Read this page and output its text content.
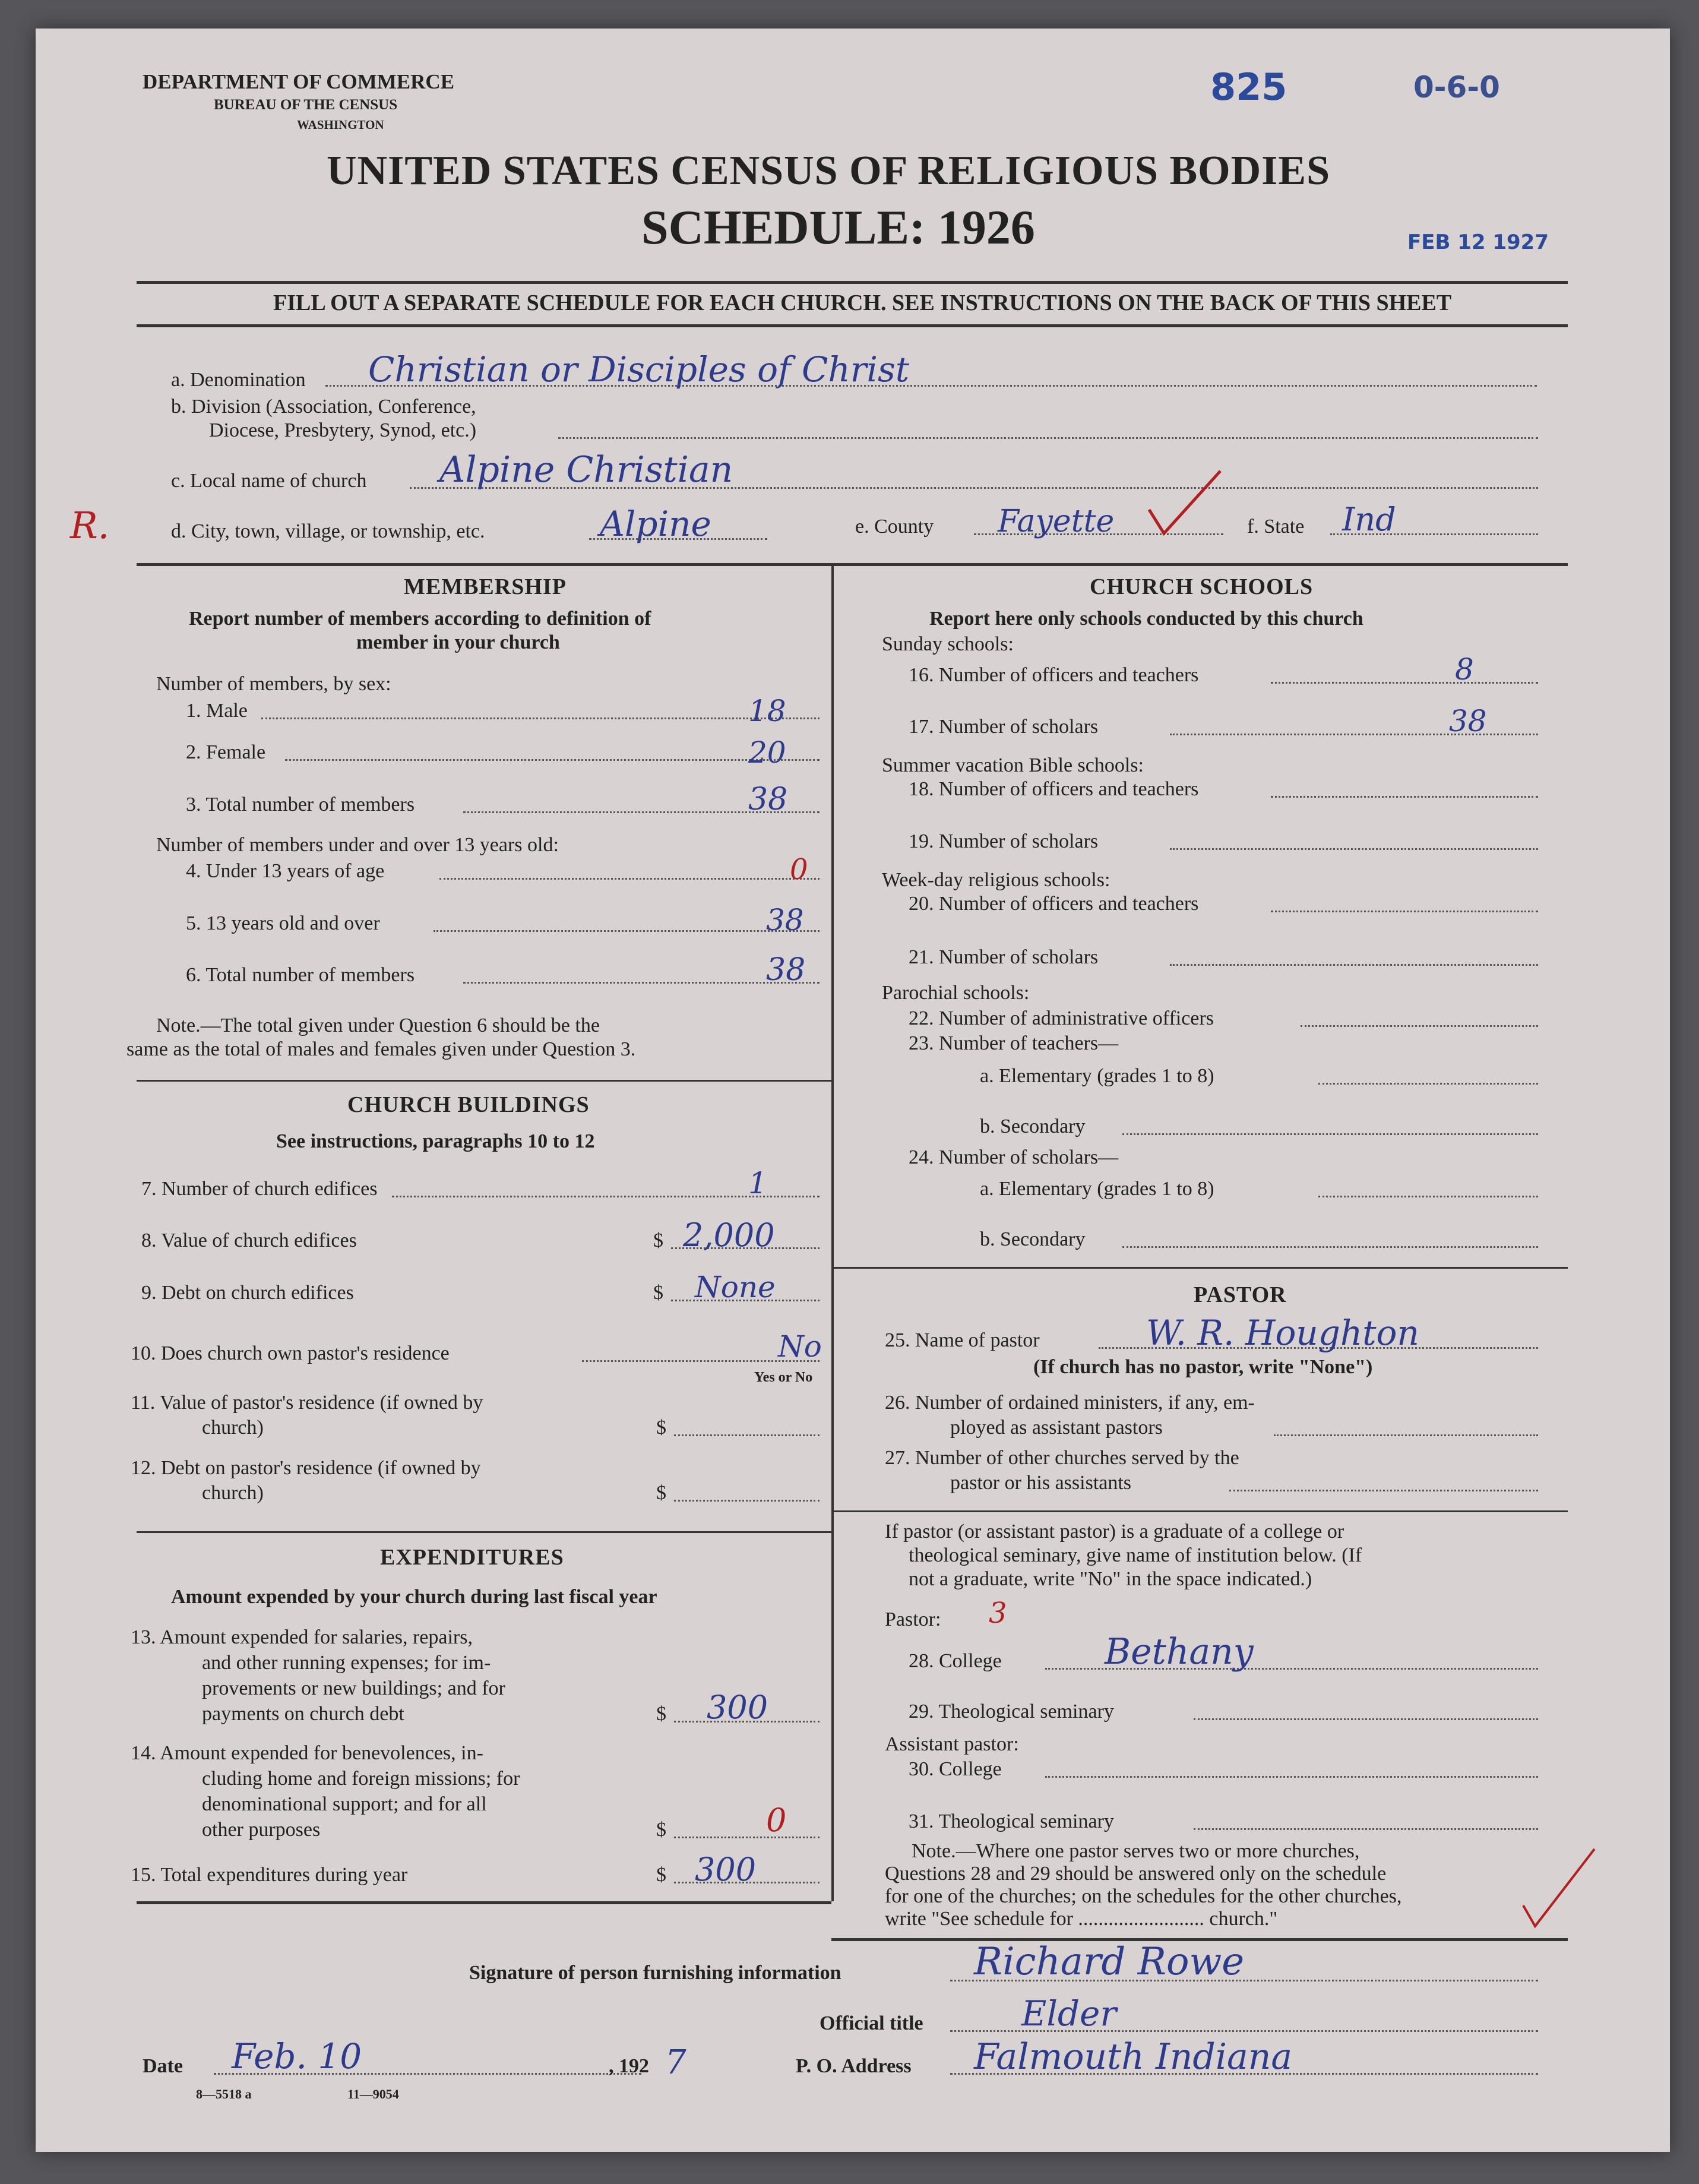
DEPARTMENT OF COMMERCE
BUREAU OF THE CENSUS
WASHINGTON
825	0-6-0
UNITED STATES CENSUS OF RELIGIOUS BODIES
SCHEDULE: 1926	FEB 12 1927
FILL OUT A SEPARATE SCHEDULE FOR EACH CHURCH. SEE INSTRUCTIONS ON THE BACK OF THIS SHEET
a. Denomination Christian or Disciples of Christ
b. Division (Association, Conference,
Diocese, Presbytery, Synod, etc.)
c. Local name of church Alpine Christian
R.	d. City, town, village, or township, etc.	Alpine	e. County Fayette	f. State Ind
MEMBERSHIP
Report number of members according to definition of
member in your church
Number of members, by sex:
1. Male	18
2. Female	20
3. Total number of members	38
Number of members under and over 13 years old:
4. Under 13 years of age	0
5. 13 years old and over	38
6. Total number of members	38
Note.—The total given under Question 6 should be the
same as the total of males and females given under Question 3.
CHURCH BUILDINGS
See instructions, paragraphs 10 to 12
7. Number of church edifices	1
8. Value of church edifices	$ 2,000
9. Debt on church edifices	$ None
10. Does church own pastor's residence	No
Yes or No
11. Value of pastor's residence (if owned by
church)	$
12. Debt on pastor's residence (if owned by
church)	$
EXPENDITURES
Amount expended by your church during last fiscal year
13. Amount expended for salaries, repairs,
and other running expenses; for im-
provements or new buildings; and for
payments on church debt	$ 300
14. Amount expended for benevolences, in-
cluding home and foreign missions; for
denominational support; and for all
other purposes	$	0
15. Total expenditures during year	$ 300
CHURCH SCHOOLS
Report here only schools conducted by this church
Sunday schools:
16. Number of officers and teachers	8
17. Number of scholars	38
Summer vacation Bible schools:
18. Number of officers and teachers
19. Number of scholars
Week-day religious schools:
20. Number of officers and teachers
21. Number of scholars
Parochial schools:
22. Number of administrative officers
23. Number of teachers—
a. Elementary (grades 1 to 8)
b. Secondary
24. Number of scholars—
a. Elementary (grades 1 to 8)
b. Secondary
PASTOR
25. Name of pastor	W. R. Houghton
(If church has no pastor, write "None")
26. Number of ordained ministers, if any, em-
ployed as assistant pastors
27. Number of other churches served by the
pastor or his assistants
If pastor (or assistant pastor) is a graduate of a college or
theological seminary, give name of institution below. (If
not a graduate, write "No" in the space indicated.)
Pastor: 3
28. College	Bethany
29. Theological seminary
Assistant pastor:
30. College
31. Theological seminary
Note.—Where one pastor serves two or more churches,
Questions 28 and 29 should be answered only on the schedule
for one of the churches; on the schedules for the other churches,
write "See schedule for ......................... church."
Signature of person furnishing information	Richard Rowe
Official title	Elder
Date Feb. 10	, 192 7
8—5518 a	11—9054
P. O. Address Falmouth Indiana
